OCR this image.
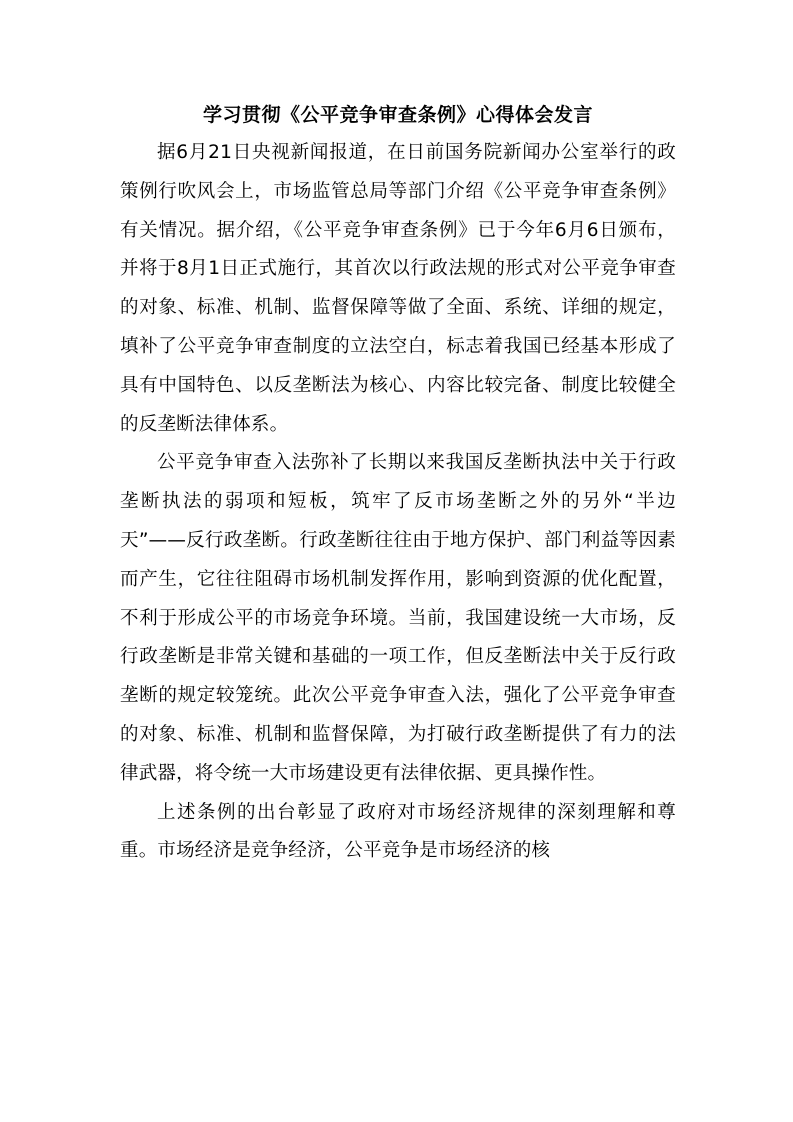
学习贯彻《公平竞争审查条例》心得体会发言

据6月21日央视新闻报道，在日前国务院新闻办公室举行的政策例行吹风会上，市场监管总局等部门介绍《公平竞争审查条例》有关情况。据介绍，《公平竞争审查条例》已于今年6月6日颁布，并将于8月1日正式施行，其首次以行政法规的形式对公平竞争审查的对象、标准、机制、监督保障等做了全面、系统、详细的规定，填补了公平竞争审查制度的立法空白，标志着我国已经基本形成了具有中国特色、以反垄断法为核心、内容比较完备、制度比较健全的反垄断法律体系。

公平竞争审查入法弥补了长期以来我国反垄断执法中关于行政垄断执法的弱项和短板，筑牢了反市场垄断之外的另外“半边天”——反行政垄断。行政垄断往往由于地方保护、部门利益等因素而产生，它往往阻碍市场机制发挥作用，影响到资源的优化配置，不利于形成公平的市场竞争环境。当前，我国建设统一大市场，反行政垄断是非常关键和基础的一项工作，但反垄断法中关于反行政垄断的规定较笼统。此次公平竞争审查入法，强化了公平竞争审查的对象、标准、机制和监督保障，为打破行政垄断提供了有力的法律武器，将令统一大市场建设更有法律依据、更具操作性。

上述条例的出台彰显了政府对市场经济规律的深刻理解和尊重。市场经济是竞争经济，公平竞争是市场经济的核
